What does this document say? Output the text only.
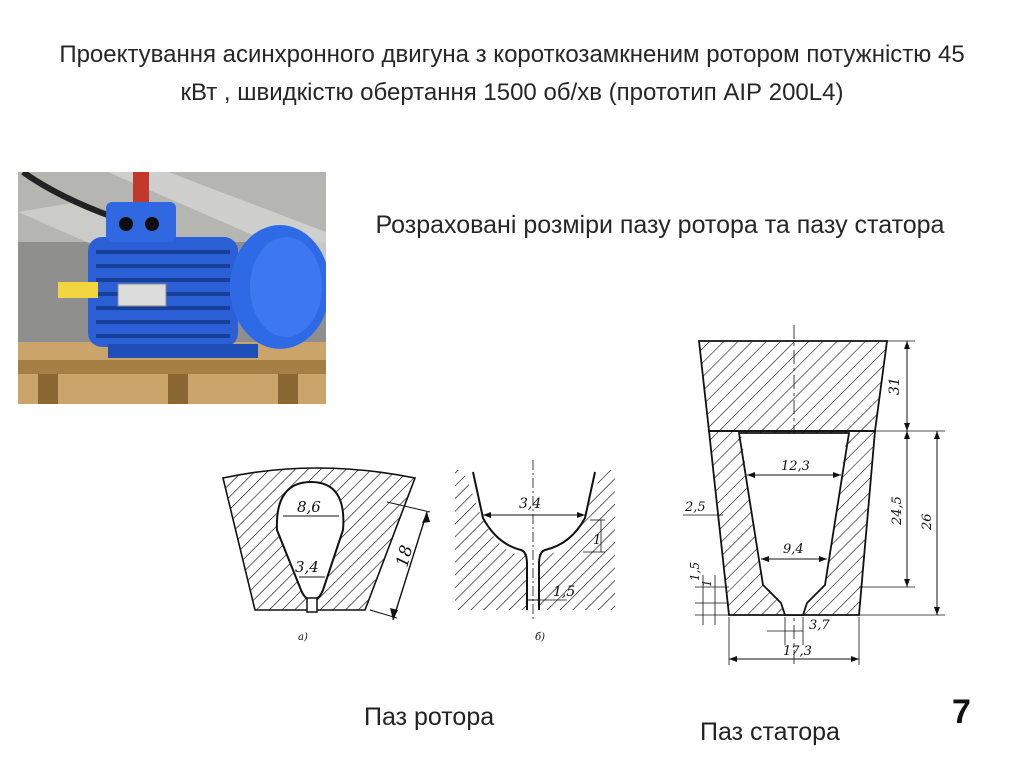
Проектування асинхронного двигуна з короткозамкненим ротором потужністю 45 кВт , швидкістю обертання 1500 об/хв (прототип АІР 200L4)
Розраховані розміри пазу ротора та пазу статора
8,6
3,4	18
а)
3,4
1
1,5
б)
31
12,3
2,5	24,5 26
9,4
1,5
1
3,7
17,3
Паз ротора
Паз статора
7
